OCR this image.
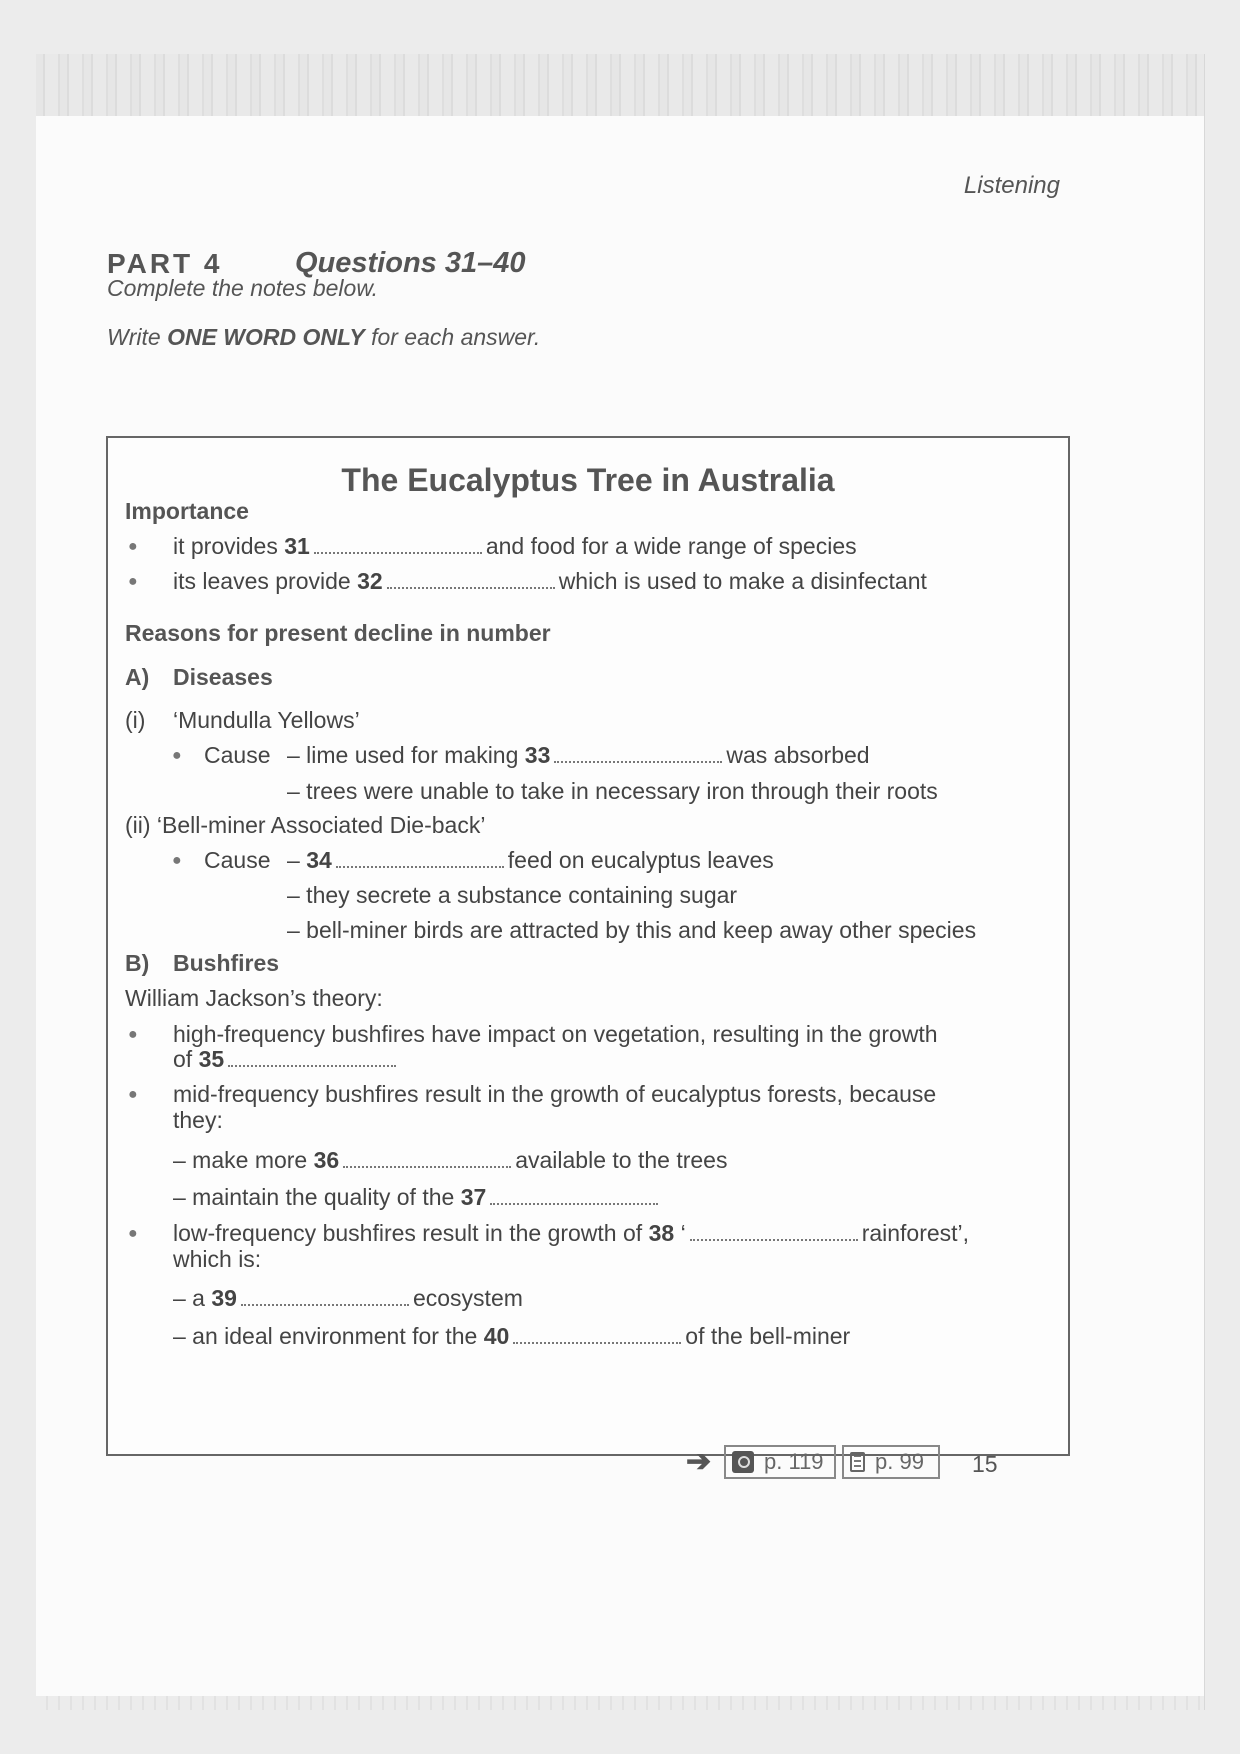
Listening
PART 4	Questions 31–40
Complete the notes below.
Write ONE WORD ONLY for each answer.
The Eucalyptus Tree in Australia
Importance
● it provides 31	and food for a wide range of species
● its leaves provide 32	which is used to make a disinfectant
Reasons for present decline in number
A) Diseases
(i) ‘Mundulla Yellows’
● Cause – lime used for making 33	was absorbed
– trees were unable to take in necessary iron through their roots
(ii) ‘Bell-miner Associated Die-back’
● Cause – 34	feed on eucalyptus leaves
– they secrete a substance containing sugar
– bell-miner birds are attracted by this and keep away other species
B) Bushfires
William Jackson’s theory:
● high-frequency bushfires have impact on vegetation, resulting in the growth
of 35
● mid-frequency bushfires result in the growth of eucalyptus forests, because
they:
– make more 36	available to the trees
– maintain the quality of the 37
● low-frequency bushfires result in the growth of 38 ‘	rainforest’,
which is:
– a 39	ecosystem
– an ideal environment for the 40	of the bell-miner
➔ p. 119 p. 99 15
